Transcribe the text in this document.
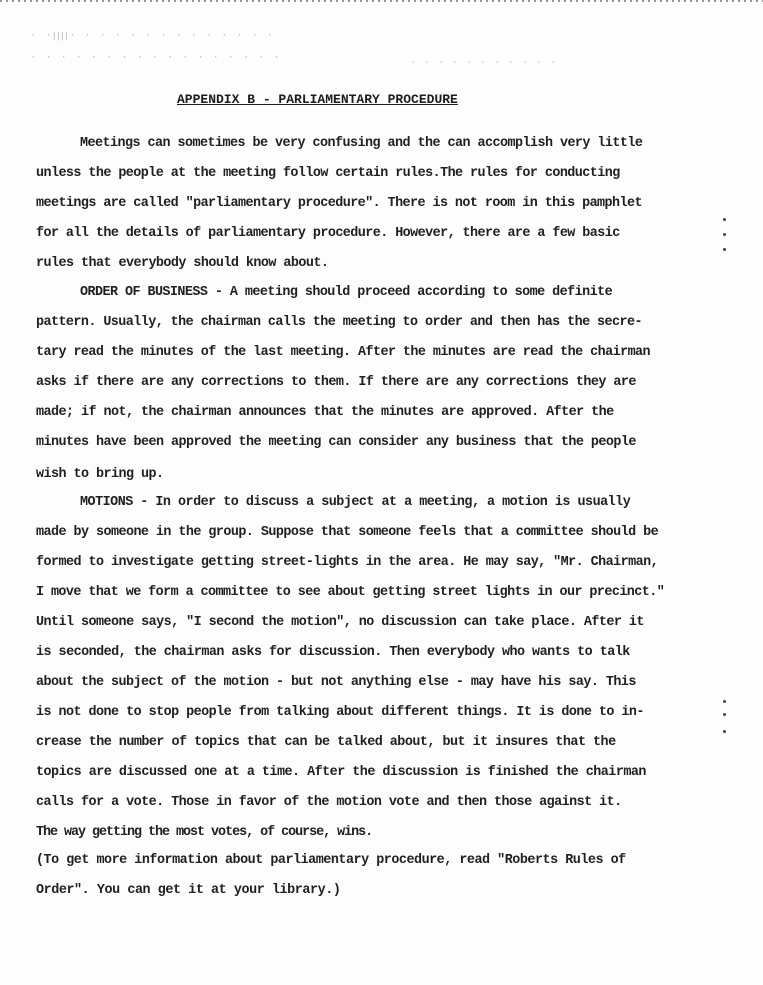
· ·ꞁꞁꞁꞁ· · · · · · · · · · · · · ·
· · · · · · · · · · · · · · · · ·	· · · · · · · · · · ·
APPENDIX B - PARLIAMENTARY PROCEDURE
Meetings can sometimes be very confusing and the can accomplish very little
unless the people at the meeting follow certain rules.The rules for conducting
meetings are called "parliamentary procedure". There is not room in this pamphlet
for all the details of parliamentary procedure. However, there are a few basic
rules that everybody should know about.
ORDER OF BUSINESS - A meeting should proceed according to some definite
pattern. Usually, the chairman calls the meeting to order and then has the secre-
tary read the minutes of the last meeting. After the minutes are read the chairman
asks if there are any corrections to them. If there are any corrections they are
made; if not, the chairman announces that the minutes are approved. After the
minutes have been approved the meeting can consider any business that the people
wish to bring up.
MOTIONS - In order to discuss a subject at a meeting, a motion is usually
made by someone in the group. Suppose that someone feels that a committee should be
formed to investigate getting street-lights in the area. He may say, "Mr. Chairman,
I move that we form a committee to see about getting street lights in our precinct."
Until someone says, "I second the motion", no discussion can take place. After it
is seconded, the chairman asks for discussion. Then everybody who wants to talk
about the subject of the motion - but not anything else - may have his say. This
is not done to stop people from talking about different things. It is done to in-
crease the number of topics that can be talked about, but it insures that the
topics are discussed one at a time. After the discussion is finished the chairman
calls for a vote. Those in favor of the motion vote and then those against it.
The way getting the most votes, of course, wins.
(To get more information about parliamentary procedure, read "Roberts Rules of
Order". You can get it at your library.)
